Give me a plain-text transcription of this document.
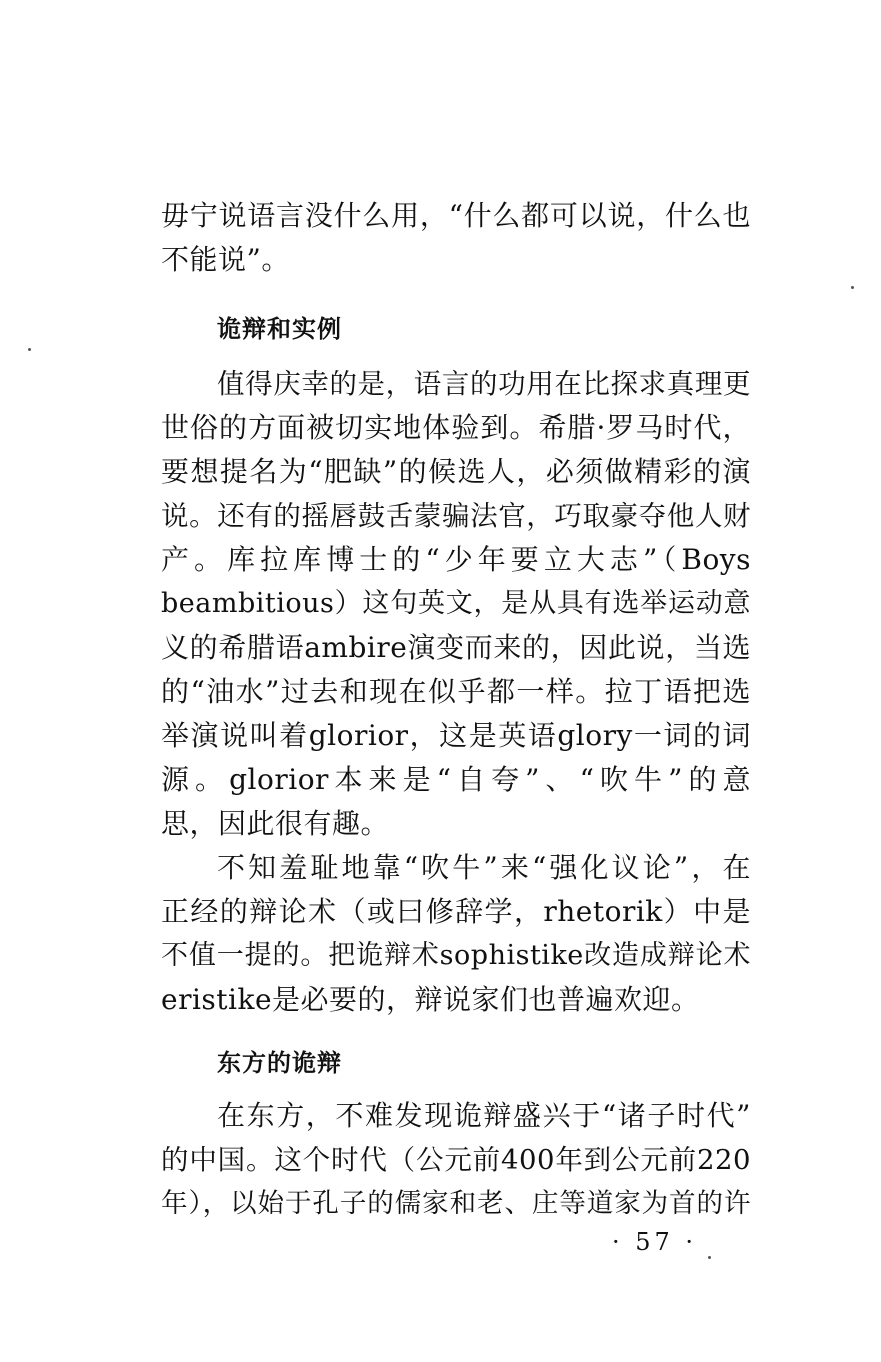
毋宁说语言没什么用，“什么都可以说，什么也
不能说”。
诡辩和实例
值得庆幸的是，语言的功用在比探求真理更
世俗的方面被切实地体验到。希腊·罗马时代，
要想提名为“肥缺”的候选人，必须做精彩的演
说。还有的摇唇鼓舌蒙骗法官，巧取豪夺他人财
产。库拉库博士的“少年要立大志”（Boys
beambitious）这句英文，是从具有选举运动意
义的希腊语ambire演变而来的，因此说，当选
的“油水”过去和现在似乎都一样。拉丁语把选
举演说叫着glorior，这是英语glory一词的词
源。glorior本来是“自夸”、“吹牛”的意
思，因此很有趣。
不知羞耻地靠“吹牛”来“强化议论”，在
正经的辩论术（或曰修辞学，rhetorik）中是
不值一提的。把诡辩术sophistike改造成辩论术
eristike是必要的，辩说家们也普遍欢迎。
东方的诡辩
在东方，不难发现诡辩盛兴于“诸子时代”
的中国。这个时代（公元前400年到公元前220
年），以始于孔子的儒家和老、庄等道家为首的许
· 57 ·
